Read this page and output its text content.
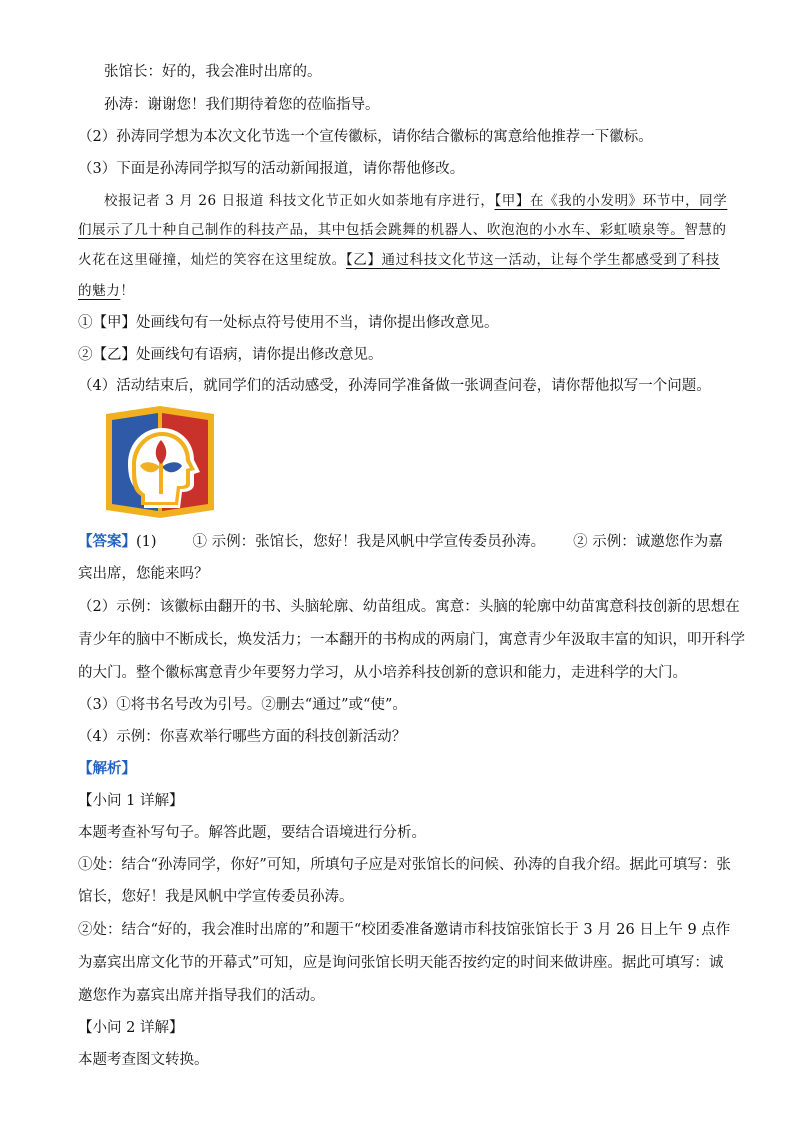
张馆长：好的，我会准时出席的。
孙涛：谢谢您！我们期待着您的莅临指导。
（2）孙涛同学想为本次文化节选一个宣传徽标，请你结合徽标的寓意给他推荐一下徽标。
（3）下面是孙涛同学拟写的活动新闻报道，请你帮他修改。
校报记者 3 月 26 日报道 科技文化节正如火如荼地有序进行，【甲】在《我的小发明》环节中，同学
们展示了几十种自己制作的科技产品，其中包括会跳舞的机器人、吹泡泡的小水车、彩虹喷泉等。智慧的
火花在这里碰撞，灿烂的笑容在这里绽放。【乙】通过科技文化节这一活动，让每个学生都感受到了科技
的魅力！
①【甲】处画线句有一处标点符号使用不当，请你提出修改意见。
②【乙】处画线句有语病，请你提出修改意见。
（4）活动结束后，就同学们的活动感受，孙涛同学准备做一张调查问卷，请你帮他拟写一个问题。
【答案】(1) ① 示例：张馆长，您好！我是风帆中学宣传委员孙涛。 ② 示例：诚邀您作为嘉
宾出席，您能来吗？
（2）示例：该徽标由翻开的书、头脑轮廓、幼苗组成。寓意：头脑的轮廓中幼苗寓意科技创新的思想在
青少年的脑中不断成长，焕发活力；一本翻开的书构成的两扇门，寓意青少年汲取丰富的知识，叩开科学
的大门。整个徽标寓意青少年要努力学习，从小培养科技创新的意识和能力，走进科学的大门。
（3）①将书名号改为引号。②删去“通过”或“使”。
（4）示例：你喜欢举行哪些方面的科技创新活动？
【解析】
【小问 1 详解】
本题考查补写句子。解答此题，要结合语境进行分析。
①处：结合“孙涛同学，你好”可知，所填句子应是对张馆长的问候、孙涛的自我介绍。据此可填写：张
馆长，您好！我是风帆中学宣传委员孙涛。
②处：结合“好的，我会准时出席的”和题干“校团委准备邀请市科技馆张馆长于 3 月 26 日上午 9 点作
为嘉宾出席文化节的开幕式”可知，应是询问张馆长明天能否按约定的时间来做讲座。据此可填写：诚
邀您作为嘉宾出席并指导我们的活动。
【小问 2 详解】
本题考查图文转换。
